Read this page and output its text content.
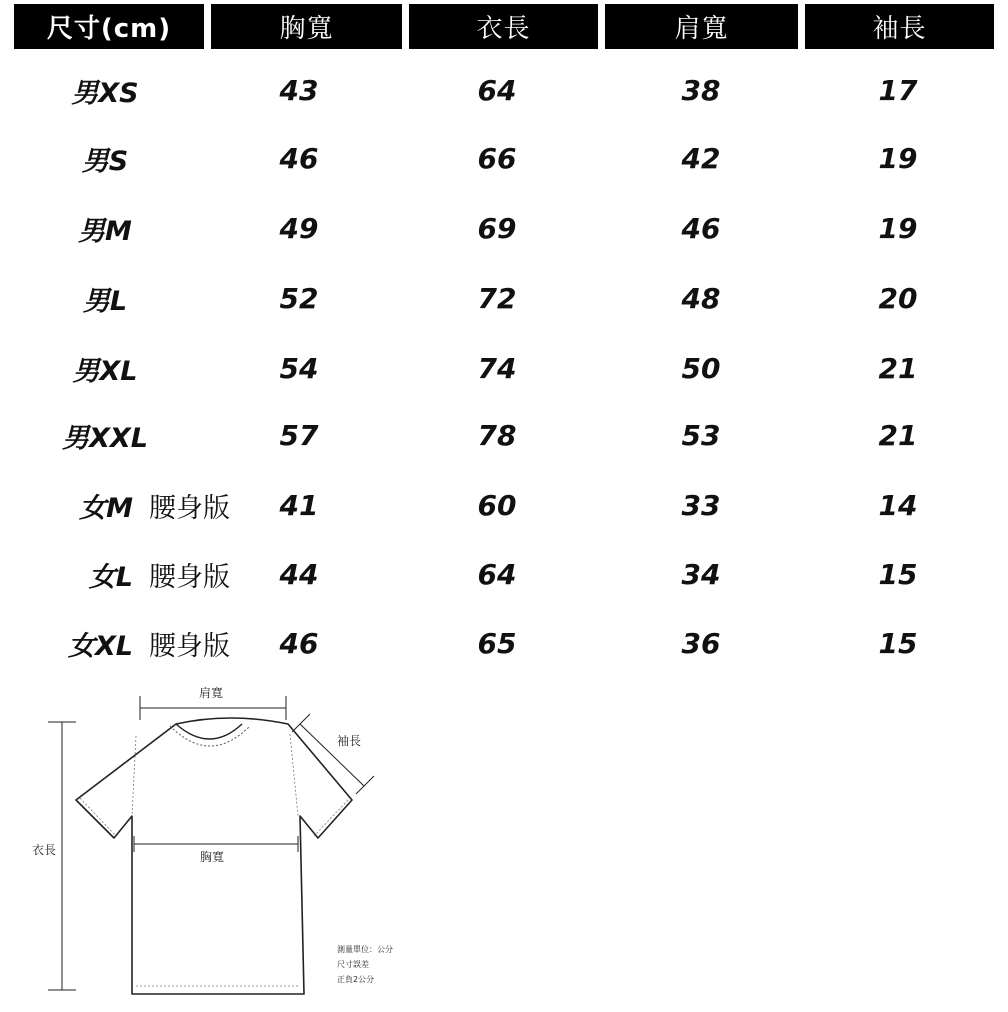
尺寸(cm)	胸寬	衣長	肩寬	袖長
男XS	43	64	38	17
男S	46	66	42	19
男M	49	69	46	19
男L	52	72	48	20
男XL	54	74	50	21
男XXL	57	78	53	21
女M 腰身版	41	60	33	14
女L 腰身版	44	64	34	15
女XL 腰身版	46	65	36	15
肩寬
袖長
衣長	胸寬
測量單位：公分
尺寸誤差
正負2公分
